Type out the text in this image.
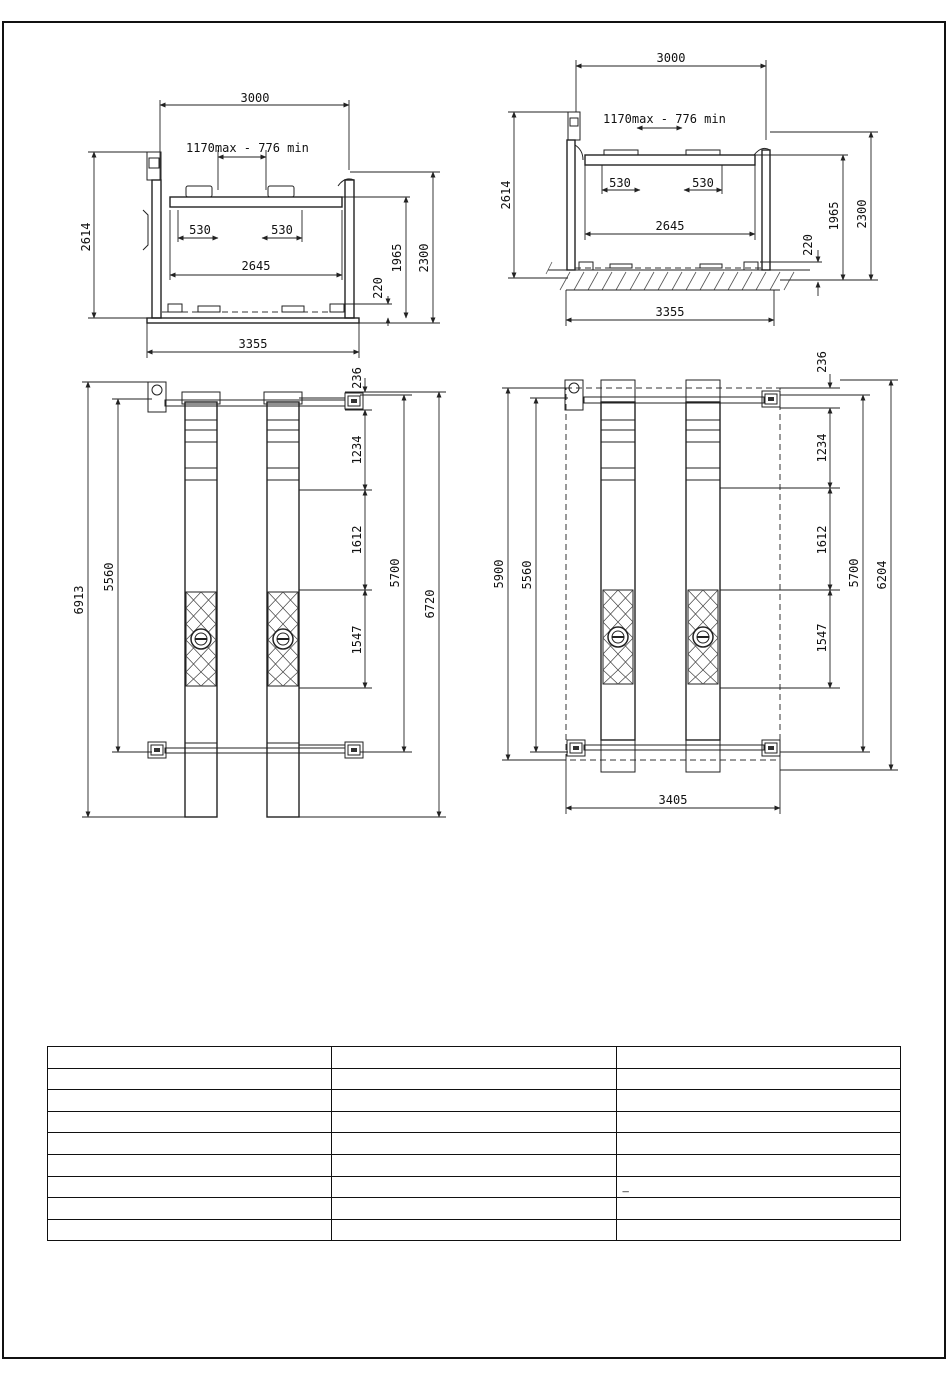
3000
1170max - 776 min
530	530
2645
2614
2300
1965
220
3355
3000
1170max - 776 min
530	530
2645
2614
2300
1965
220
3355
236
1234
1612
1547
5700
6720
5560
6913
236
1234
1612
1547
5700 6204
5560
5900
3405

		_
